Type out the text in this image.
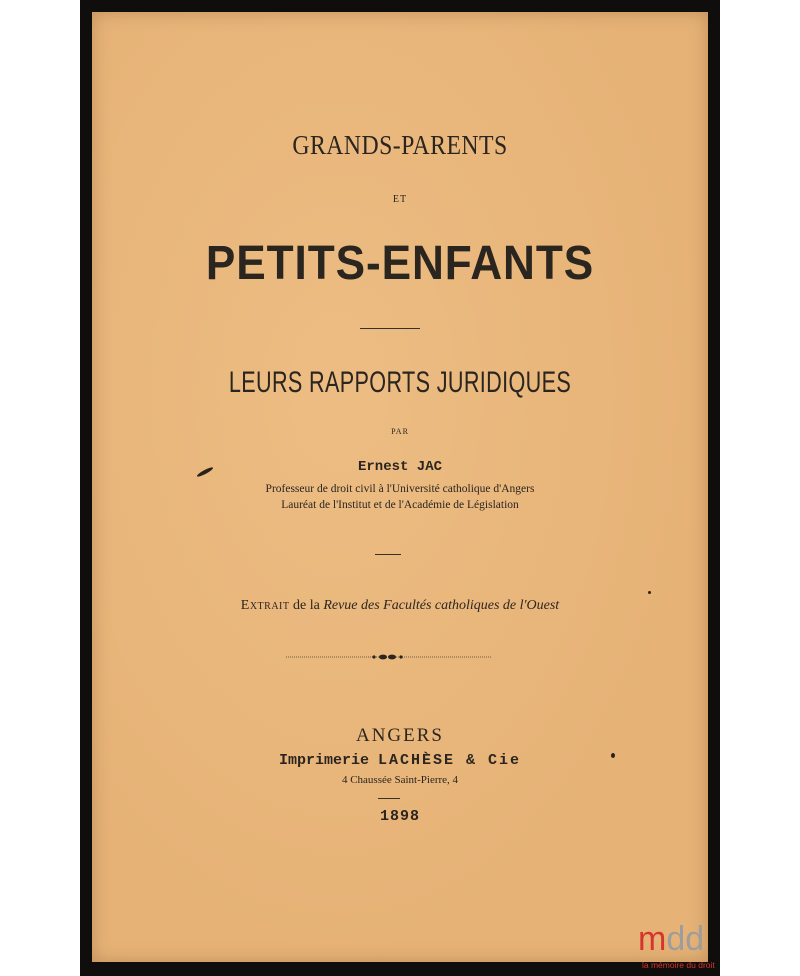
GRANDS-PARENTS
ET
PETITS-ENFANTS
LEURS RAPPORTS JURIDIQUES
PAR
Ernest JAC
Professeur de droit civil à l'Université catholique d'Angers
Lauréat de l'Institut et de l'Académie de Législation
Extrait de la Revue des Facultés catholiques de l'Ouest
ANGERS
Imprimerie LACHÈSE & Cie
4 Chaussée Saint-Pierre, 4
1898
mdd
la mémoire du droit
